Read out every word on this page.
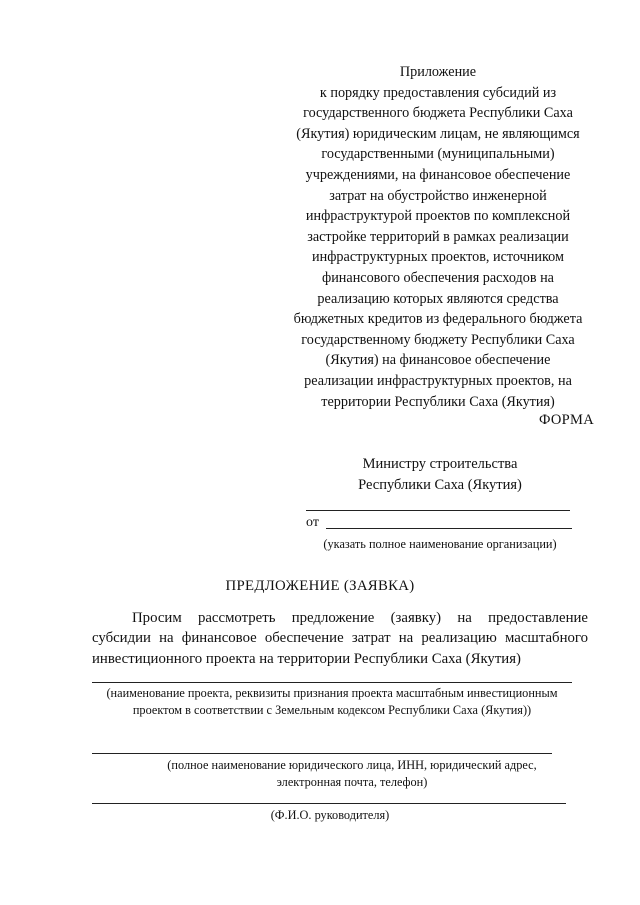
Приложение
к порядку предоставления субсидий из
государственного бюджета Республики Саха
(Якутия) юридическим лицам, не являющимся
государственными (муниципальными)
учреждениями, на финансовое обеспечение
затрат на обустройство инженерной
инфраструктурой проектов по комплексной
застройке территорий в рамках реализации
инфраструктурных проектов, источником
финансового обеспечения расходов на
реализацию которых являются средства
бюджетных кредитов из федерального бюджета
государственному бюджету Республики Саха
(Якутия) на финансовое обеспечение
реализации инфраструктурных проектов, на
территории Республики Саха (Якутия)
ФОРМА
Министру строительства
Республики Саха (Якутия)
от
(указать полное наименование организации)
ПРЕДЛОЖЕНИЕ (ЗАЯВКА)
Просим рассмотреть предложение (заявку) на предоставление
субсидии на финансовое обеспечение затрат на реализацию масштабного
инвестиционного проекта на территории Республики Саха (Якутия)
(наименование проекта, реквизиты признания проекта масштабным инвестиционным
проектом в соответствии с Земельным кодексом Республики Саха (Якутия))
(полное наименование юридического лица, ИНН, юридический адрес,
электронная почта, телефон)
(Ф.И.О. руководителя)
